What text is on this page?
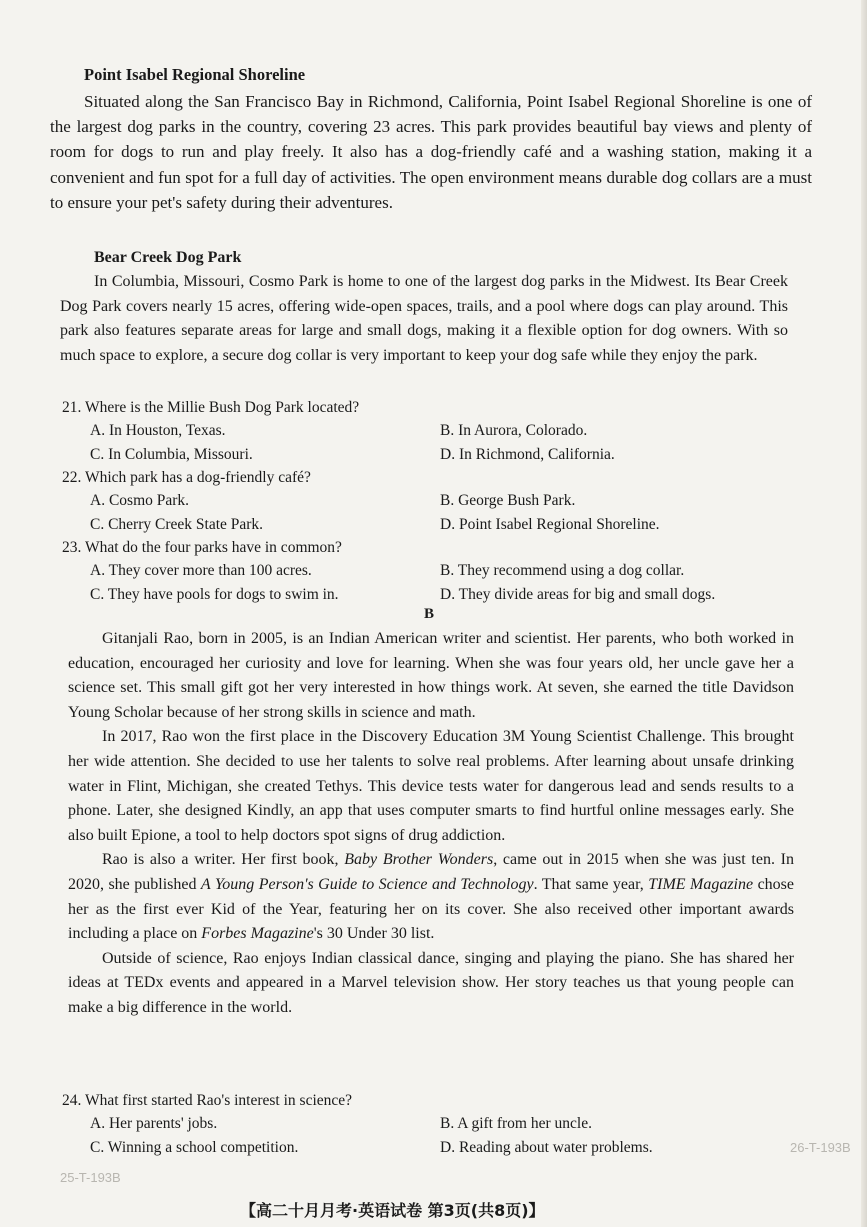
Point Isabel Regional Shoreline

Situated along the San Francisco Bay in Richmond, California, Point Isabel Regional Shoreline is one of the largest dog parks in the country, covering 23 acres. This park provides beautiful bay views and plenty of room for dogs to run and play freely. It also has a dog-friendly café and a washing station, making it a convenient and fun spot for a full day of activities. The open environment means durable dog collars are a must to ensure your pet's safety during their adventures.

Bear Creek Dog Park

In Columbia, Missouri, Cosmo Park is home to one of the largest dog parks in the Midwest. Its Bear Creek Dog Park covers nearly 15 acres, offering wide-open spaces, trails, and a pool where dogs can play around. This park also features separate areas for large and small dogs, making it a flexible option for dog owners. With so much space to explore, a secure dog collar is very important to keep your dog safe while they enjoy the park.

21. Where is the Millie Bush Dog Park located?
A. In Houston, Texas.	B. In Aurora, Colorado.
C. In Columbia, Missouri.	D. In Richmond, California.
22. Which park has a dog-friendly café?
A. Cosmo Park.	B. George Bush Park.
C. Cherry Creek State Park.	D. Point Isabel Regional Shoreline.
23. What do the four parks have in common?
A. They cover more than 100 acres.	B. They recommend using a dog collar.
C. They have pools for dogs to swim in.	D. They divide areas for big and small dogs.
B

Gitanjali Rao, born in 2005, is an Indian American writer and scientist. Her parents, who both worked in education, encouraged her curiosity and love for learning. When she was four years old, her uncle gave her a science set. This small gift got her very interested in how things work. At seven, she earned the title Davidson Young Scholar because of her strong skills in science and math.

In 2017, Rao won the first place in the Discovery Education 3M Young Scientist Challenge. This brought her wide attention. She decided to use her talents to solve real problems. After learning about unsafe drinking water in Flint, Michigan, she created Tethys. This device tests water for dangerous lead and sends results to a phone. Later, she designed Kindly, an app that uses computer smarts to find hurtful online messages early. She also built Epione, a tool to help doctors spot signs of drug addiction.

Rao is also a writer. Her first book, Baby Brother Wonders, came out in 2015 when she was just ten. In 2020, she published A Young Person's Guide to Science and Technology. That same year, TIME Magazine chose her as the first ever Kid of the Year, featuring her on its cover. She also received other important awards including a place on Forbes Magazine's 30 Under 30 list.

Outside of science, Rao enjoys Indian classical dance, singing and playing the piano. She has shared her ideas at TEDx events and appeared in a Marvel television show. Her story teaches us that young people can make a big difference in the world.

24. What first started Rao's interest in science?
A. Her parents' jobs.	B. A gift from her uncle.
C. Winning a school competition.	D. Reading about water problems.
【高二十月月考·英语试卷 第3页(共8页)】
26-T-193B
25-T-193B
